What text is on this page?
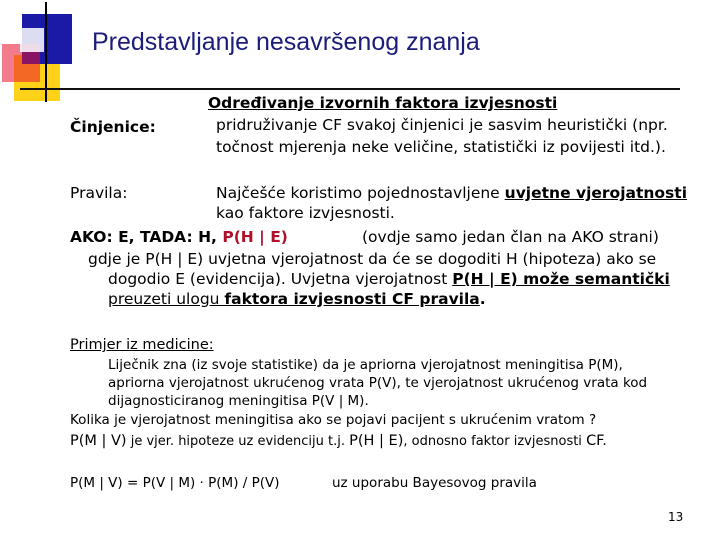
Predstavljanje nesavršenog znanja
Određivanje izvornih faktora izvjesnosti
Činjenice:	pridruživanje CF svakoj činjenici je sasvim heuristički (npr.
točnost mjerenja neke veličine, statistički iz povijesti itd.).
Pravila:	Najčešće koristimo pojednostavljene uvjetne vjerojatnosti
kao faktore izvjesnosti.
AKO: E, TADA: H, P(H | E)	(ovdje samo jedan član na AKO strani)
gdje je P(H | E) uvjetna vjerojatnost da će se dogoditi H (hipoteza) ako se
dogodio E (evidencija). Uvjetna vjerojatnost P(H | E) može semantički
preuzeti ulogu faktora izvjesnosti CF pravila.
Primjer iz medicine:
Liječnik zna (iz svoje statistike) da je apriorna vjerojatnost meningitisa P(M),
apriorna vjerojatnost ukrućenog vrata P(V), te vjerojatnost ukrućenog vrata kod
dijagnosticiranog meningitisa P(V | M).
Kolika je vjerojatnost meningitisa ako se pojavi pacijent s ukrućenim vratom ?
P(M | V) je vjer. hipoteze uz evidenciju t.j. P(H | E), odnosno faktor izvjesnosti CF.
P(M | V) = P(V | M) · P(M) / P(V)	uz uporabu Bayesovog pravila
13
